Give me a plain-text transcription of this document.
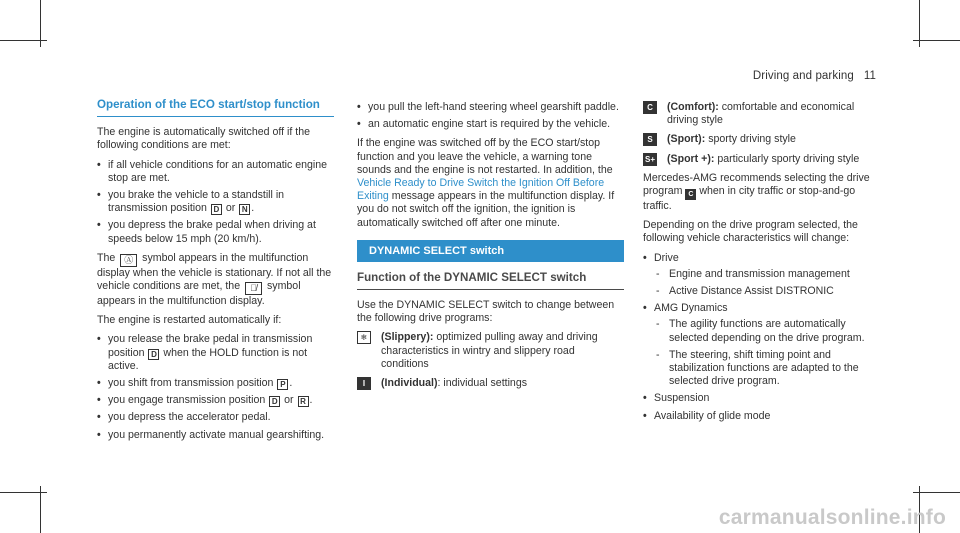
Driving and parking 11
Operation of the ECO start/stop function

The engine is automatically switched off if the following conditions are met:

• if all vehicle conditions for an automatic engine stop are met.
• you brake the vehicle to a standstill in transmission position D or N .
• you depress the brake pedal when driving at speeds below 15 mph (20 km/h).

The Ⓐ symbol appears in the multifunction display when the vehicle is stationary. If not all the vehicle conditions are met, the Ⓐ̸ symbol appears in the multifunction display.

The engine is restarted automatically if:

• you release the brake pedal in transmission position D when the HOLD function is not active.
• you shift from transmission position P .
• you engage transmission position D or R .
• you depress the accelerator pedal.
• you permanently activate manual gearshifting.
• you pull the left-hand steering wheel gearshift paddle.
• an automatic engine start is required by the vehicle.

If the engine was switched off by the ECO start/stop function and you leave the vehicle, a warning tone sounds and the engine is not restarted. In addition, the Vehicle Ready to Drive Switch the Ignition Off Before Exiting message appears in the multifunction display. If you do not switch off the ignition, the ignition is automatically switched off after one minute.

DYNAMIC SELECT switch
Function of the DYNAMIC SELECT switch

Use the DYNAMIC SELECT switch to change between the following drive programs:

❄	(Slippery): optimized pulling away and driving characteristics in wintry and slippery road conditions
I	(Individual): individual settings
C	(Comfort): comfortable and economical driving style
S	(Sport): sporty driving style
S+ (Sport +): particularly sporty driving style

Mercedes-AMG recommends selecting the drive program C when in city traffic or stop-and-go traffic.

Depending on the drive program selected, the following vehicle characteristics will change:

• Drive
- Engine and transmission management
- Active Distance Assist DISTRONIC
• AMG Dynamics
- The agility functions are automatically selected depending on the drive program.
- The steering, shift timing point and stabilization functions are adapted to the selected drive program.
• Suspension
• Availability of glide mode
carmanualsonline.info
